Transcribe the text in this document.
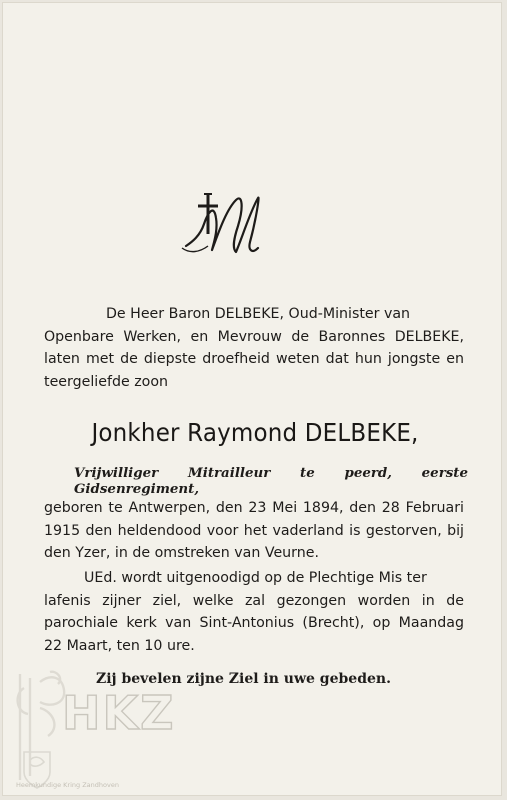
De Heer Baron DELBEKE, Oud-Minister van
Openbare Werken, en Mevrouw de Baronnes DELBEKE,
laten met de diepste droefheid weten dat hun jongste en
teergeliefde zoon
Jonkher Raymond DELBEKE,
Vrijwilliger Mitrailleur te peerd, eerste Gidsenregiment,
geboren te Antwerpen, den 23 Mei 1894, den 28 Februari
1915 den heldendood voor het vaderland is gestorven, bij
den Yzer, in de omstreken van Veurne.
UEd. wordt uitgenoodigd op de Plechtige Mis ter
lafenis zijner ziel, welke zal gezongen worden in de
parochiale kerk van Sint-Antonius (Brecht), op Maandag
22 Maart, ten 10 ure.
Zij bevelen zijne Ziel in uwe gebeden.
HKZ
Heemkundige Kring Zandhoven
